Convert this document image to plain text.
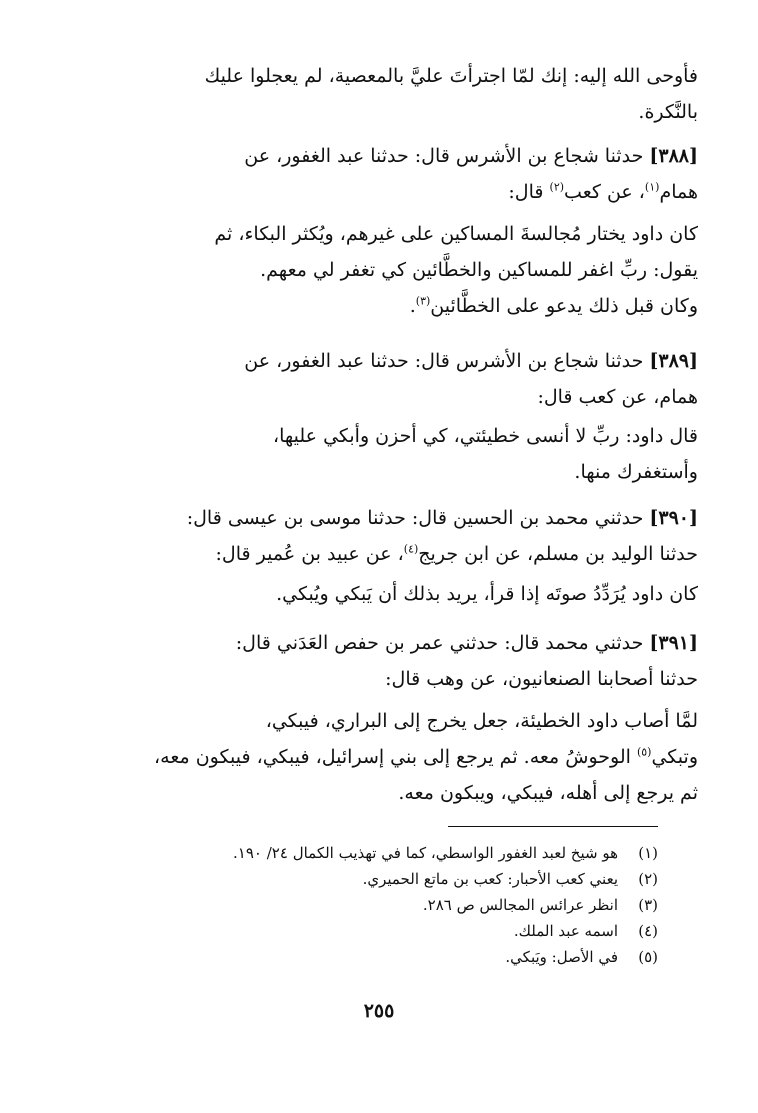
فأوحى الله إليه: إنك لمّا اجترأتَ عليَّ بالمعصية، لم يعجلوا عليك
بالنَّكرة.
[٣٨٨] حدثنا شجاع بن الأشرس قال: حدثنا عبد الغفور، عن
همام$^{(١)}$، عن كعب$^{(٢)}$ قال:
كان داود يختار مُجالسةَ المساكين على غيرهم، ويُكثر البكاء، ثم
يقول: ربِّ اغفر للمساكين والخطَّائين كي تغفر لي معهم.
وكان قبل ذلك يدعو على الخطَّائين$^{(٣)}$.
[٣٨٩] حدثنا شجاع بن الأشرس قال: حدثنا عبد الغفور، عن
همام، عن كعب قال:
قال داود: ربِّ لا أنسى خطيئتي، كي أحزن وأبكي عليها،
وأستغفرك منها.
[٣٩٠] حدثني محمد بن الحسين قال: حدثنا موسى بن عيسى قال:
حدثنا الوليد بن مسلم، عن ابن جريج$^{(٤)}$، عن عبيد بن عُمير قال:
كان داود يُرَدِّدُ صوتَه إذا قرأ، يريد بذلك أن يَبكي ويُبكي.
[٣٩١] حدثني محمد قال: حدثني عمر بن حفص العَدَني قال:
حدثنا أصحابنا الصنعانيون، عن وهب قال:
لمَّا أصاب داود الخطيئة، جعل يخرج إلى البراري، فيبكي،
وتبكي$^{(٥)}$ الوحوشُ معه. ثم يرجع إلى بني إسرائيل، فيبكي، فيبكون معه،
ثم يرجع إلى أهله، فيبكي، ويبكون معه.
(١)هو شيخ لعبد الغفور الواسطي، كما في تهذيب الكمال ٢٤/ ١٩٠.
(٢)يعني كعب الأحبار: كعب بن ماتع الحميري.
(٣)انظر عرائس المجالس ص ٢٨٦.
(٤)اسمه عبد الملك.
(٥)في الأصل: ويَبكي.
٢٥٥
